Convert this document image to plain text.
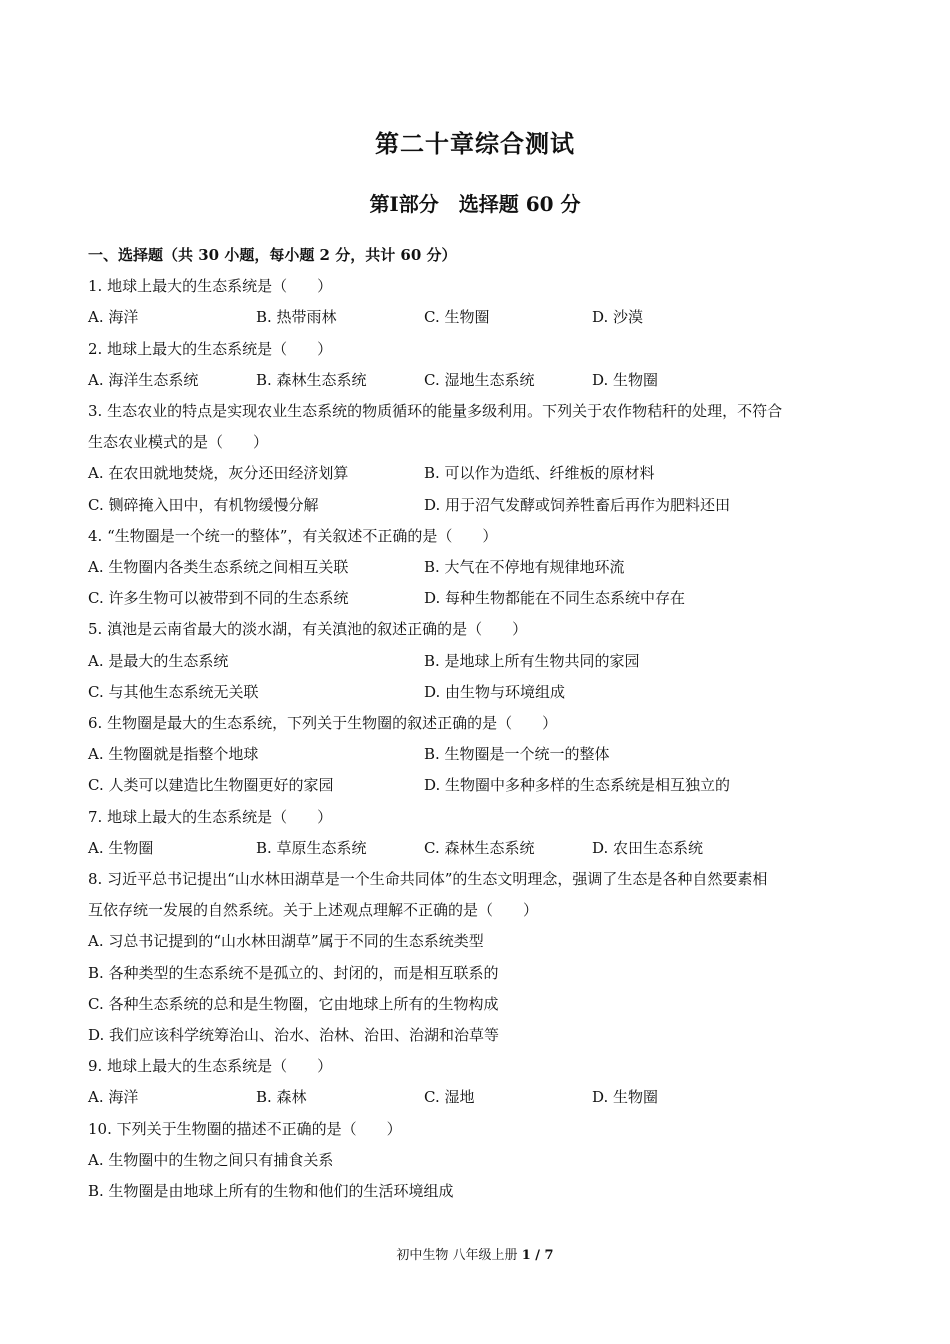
第二十章综合测试
第Ⅰ部分　选择题 60 分
一、选择题（共 30 小题，每小题 2 分，共计 60 分）
1. 地球上最大的生态系统是（　　）
A. 海洋	B. 热带雨林	C. 生物圈	D. 沙漠
2. 地球上最大的生态系统是（　　）
A. 海洋生态系统	B. 森林生态系统	C. 湿地生态系统	D. 生物圈
3. 生态农业的特点是实现农业生态系统的物质循环的能量多级利用。下列关于农作物秸秆的处理，不符合
生态农业模式的是（　　）
A. 在农田就地焚烧，灰分还田经济划算	B. 可以作为造纸、纤维板的原材料
C. 铡碎掩入田中，有机物缓慢分解	D. 用于沼气发酵或饲养牲畜后再作为肥料还田
4. “生物圈是一个统一的整体”，有关叙述不正确的是（　　）
A. 生物圈内各类生态系统之间相互关联	B. 大气在不停地有规律地环流
C. 许多生物可以被带到不同的生态系统	D. 每种生物都能在不同生态系统中存在
5. 滇池是云南省最大的淡水湖，有关滇池的叙述正确的是（　　）
A. 是最大的生态系统	B. 是地球上所有生物共同的家园
C. 与其他生态系统无关联	D. 由生物与环境组成
6. 生物圈是最大的生态系统，下列关于生物圈的叙述正确的是（　　）
A. 生物圈就是指整个地球	B. 生物圈是一个统一的整体
C. 人类可以建造比生物圈更好的家园	D. 生物圈中多种多样的生态系统是相互独立的
7. 地球上最大的生态系统是（　　）
A. 生物圈	B. 草原生态系统	C. 森林生态系统	D. 农田生态系统
8. 习近平总书记提出“山水林田湖草是一个生命共同体”的生态文明理念，强调了生态是各种自然要素相
互依存统一发展的自然系统。关于上述观点理解不正确的是（　　）
A. 习总书记提到的“山水林田湖草”属于不同的生态系统类型
B. 各种类型的生态系统不是孤立的、封闭的，而是相互联系的
C. 各种生态系统的总和是生物圈，它由地球上所有的生物构成
D. 我们应该科学统筹治山、治水、治林、治田、治湖和治草等
9. 地球上最大的生态系统是（　　）
A. 海洋	B. 森林	C. 湿地	D. 生物圈
10. 下列关于生物圈的描述不正确的是（　　）
A. 生物圈中的生物之间只有捕食关系
B. 生物圈是由地球上所有的生物和他们的生活环境组成
初中生物 八年级上册 1 / 7
